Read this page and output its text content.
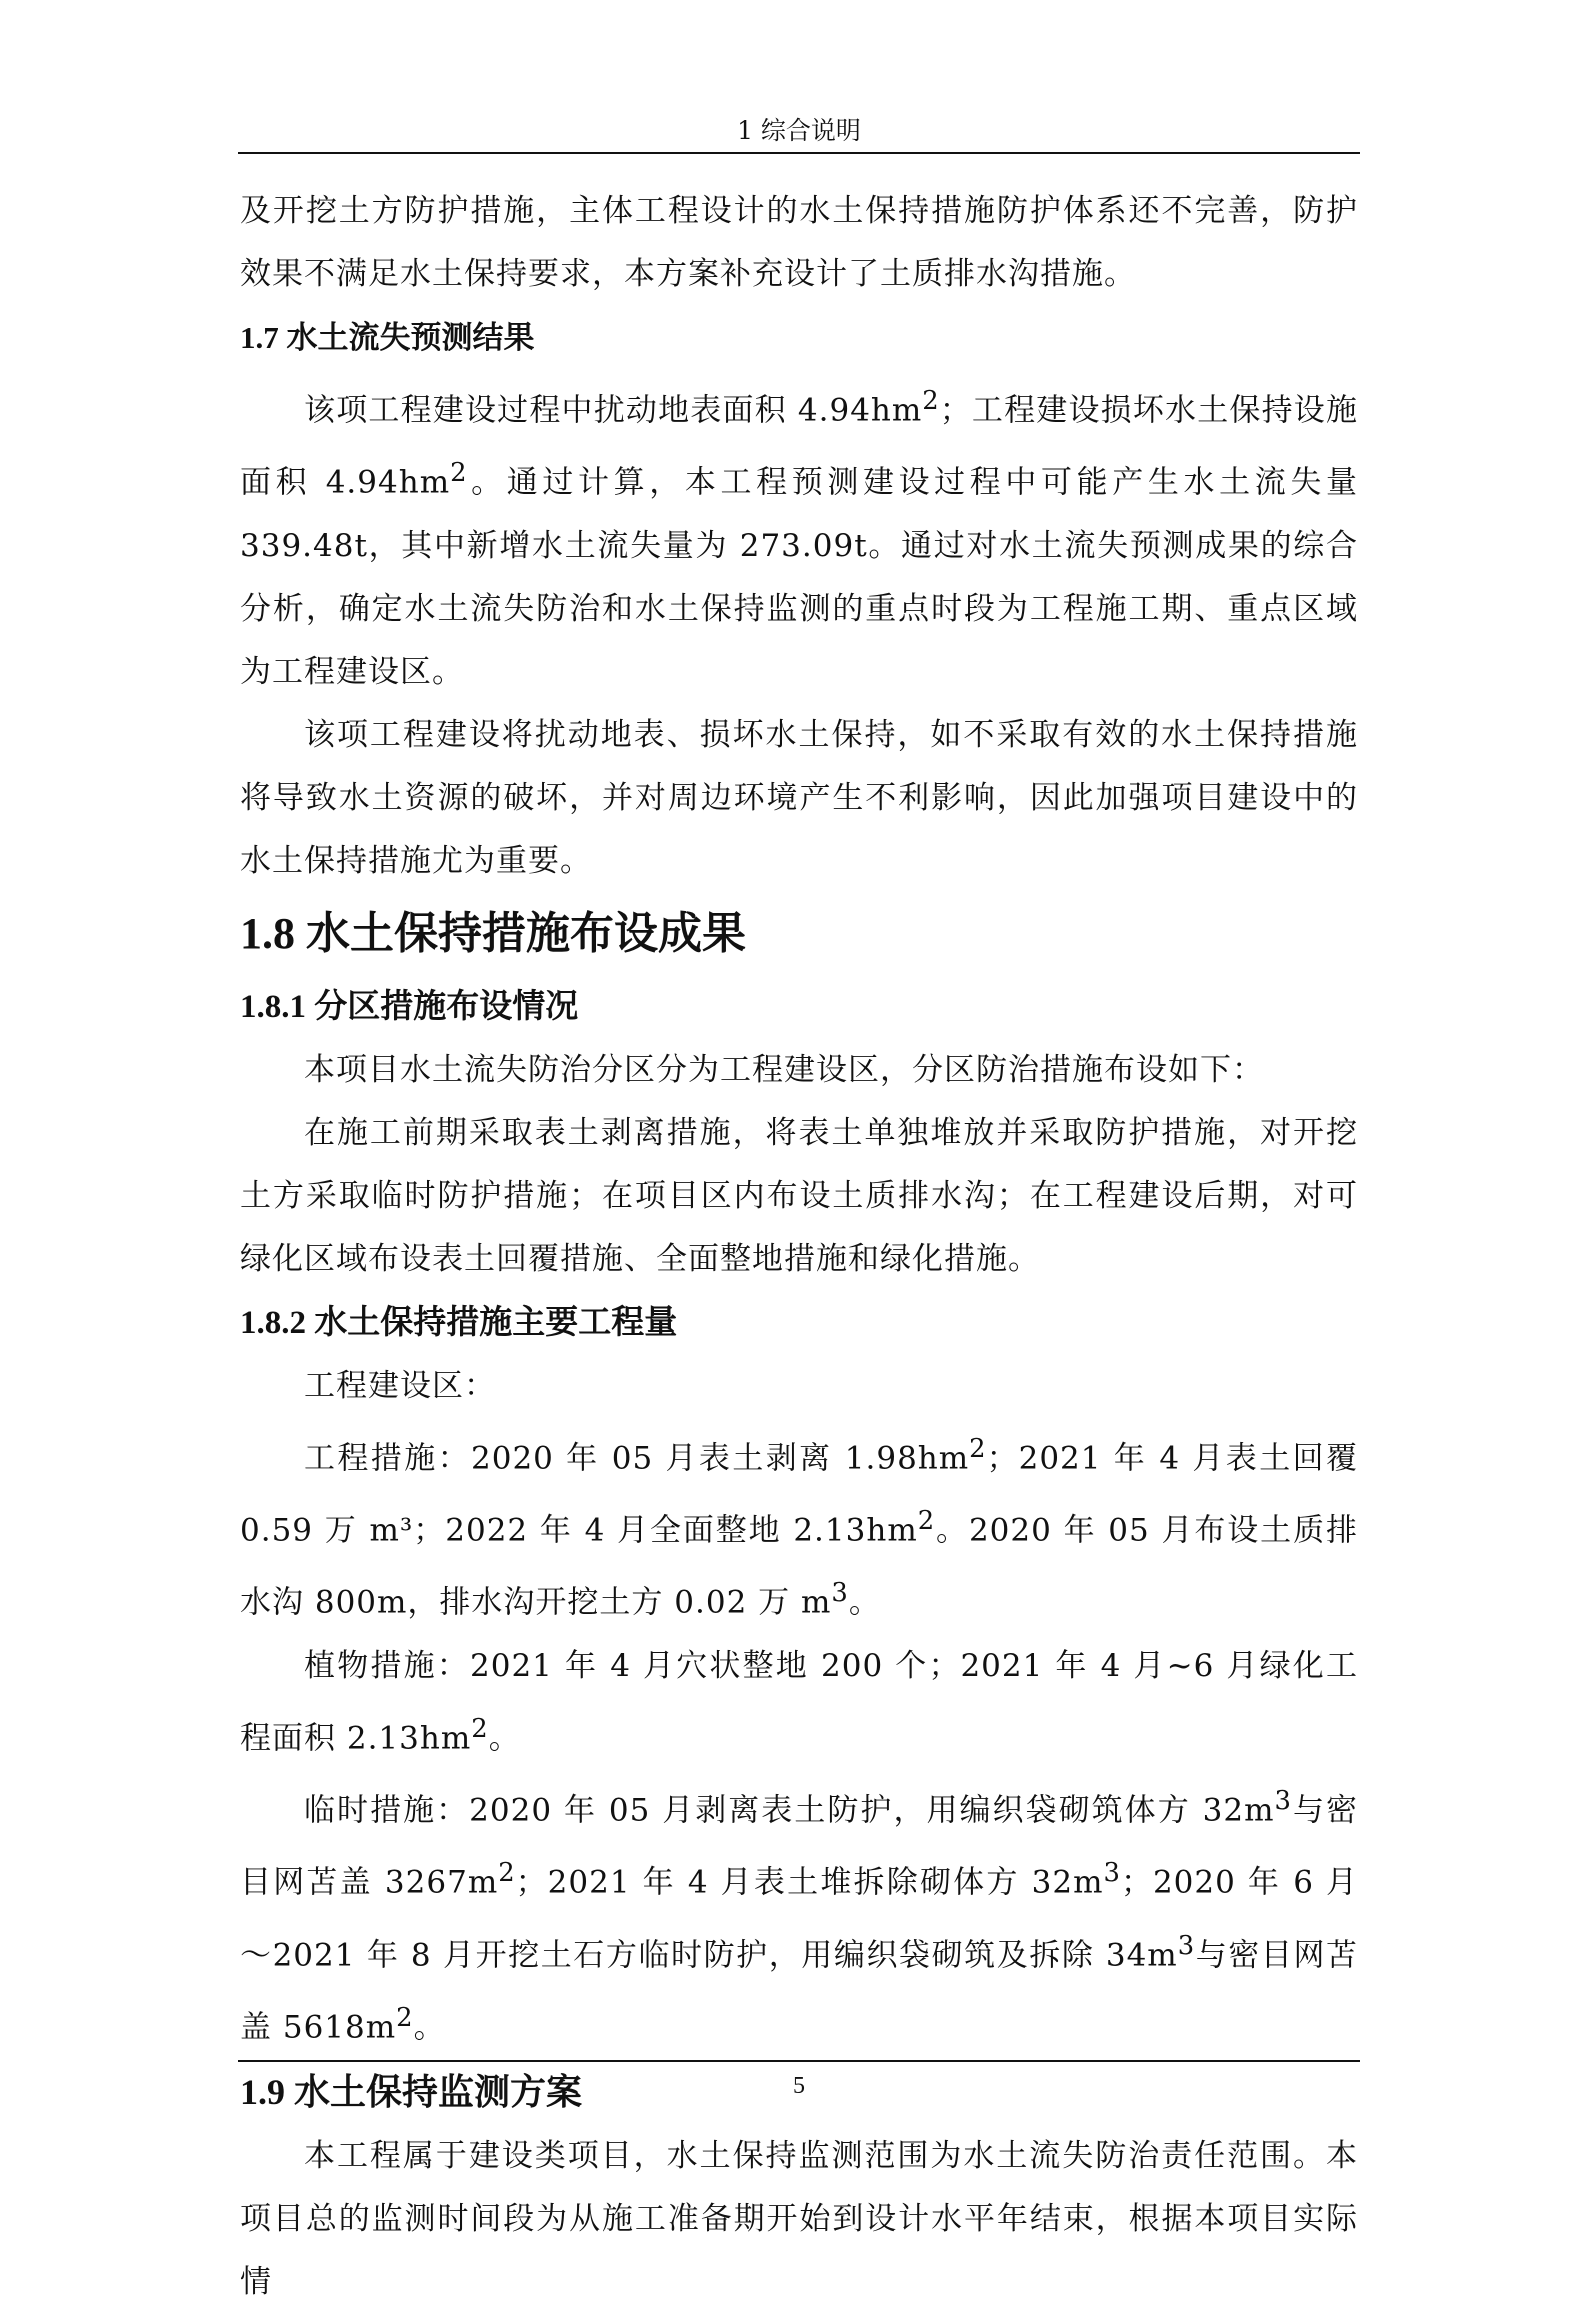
1 综合说明

及开挖土方防护措施，主体工程设计的水土保持措施防护体系还不完善，防护效果不满足水土保持要求，本方案补充设计了土质排水沟措施。

1.7 水土流失预测结果

该项工程建设过程中扰动地表面积 $4.94hm^2$；工程建设损坏水土保持设施面积 $4.94hm^2$。通过计算，本工程预测建设过程中可能产生水土流失量 339.48t，其中新增水土流失量为 273.09t。通过对水土流失预测成果的综合分析，确定水土流失防治和水土保持监测的重点时段为工程施工期、重点区域为工程建设区。

该项工程建设将扰动地表、损坏水土保持，如不采取有效的水土保持措施将导致水土资源的破坏，并对周边环境产生不利影响，因此加强项目建设中的水土保持措施尤为重要。

1.8 水土保持措施布设成果

1.8.1 分区措施布设情况

本项目水土流失防治分区分为工程建设区，分区防治措施布设如下：

在施工前期采取表土剥离措施，将表土单独堆放并采取防护措施，对开挖土方采取临时防护措施；在项目区内布设土质排水沟；在工程建设后期，对可绿化区域布设表土回覆措施、全面整地措施和绿化措施。

1.8.2 水土保持措施主要工程量

工程建设区：

工程措施：2020 年 05 月表土剥离 $1.98hm^2$；2021 年 4 月表土回覆 0.59 万 m³；2022 年 4 月全面整地 $2.13hm^2$。2020 年 05 月布设土质排水沟 800m，排水沟开挖土方 0.02 万 $m^3$。

植物措施：2021 年 4 月穴状整地 200 个；2021 年 4 月~6 月绿化工程面积 $2.13hm^2$。

临时措施：2020 年 05 月剥离表土防护，用编织袋砌筑体方 $32m^3$与密目网苫盖 $3267m^2$；2021 年 4 月表土堆拆除砌体方 $32m^3$；2020 年 6 月～2021 年 8 月开挖土石方临时防护，用编织袋砌筑及拆除 $34m^3$与密目网苫盖 $5618m^2$。

1.9 水土保持监测方案

本工程属于建设类项目，水土保持监测范围为水土流失防治责任范围。本项目总的监测时间段为从施工准备期开始到设计水平年结束，根据本项目实际情

5
